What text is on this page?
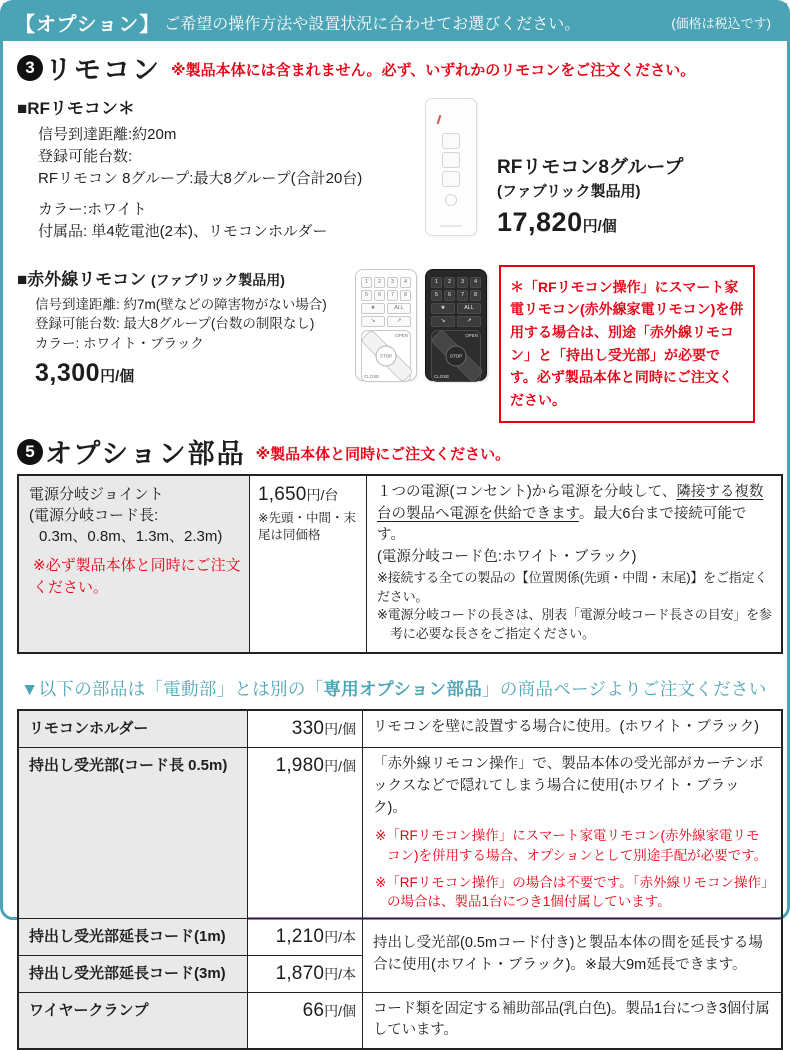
【オプション】 ご希望の操作方法や設置状況に合わせてお選びください。	(価格は税込です)
3 リモコン ※製品本体には含まれません。必ず、いずれかのリモコンをご注文ください。
■RFリモコン＊
信号到達距離:約20m
登録可能台数:
RFリモコン 8グループ:最大8グループ(合計20台)
カラー:ホワイト
付属品: 単4乾電池(2本)、リモコンホルダー
RFリモコン8グループ
(ファブリック製品用)
17,820円/個
■赤外線リモコン (ファブリック製品用)
信号到達距離: 約7m(壁などの障害物がない場合)
登録可能台数: 最大8グループ(台数の制限なし)
カラー: ホワイト・ブラック
3,300円/個
1	2	3	4
5	6	7	8
★	ALL
↘	↗
OPEN
STOP
CLOSE
1	2	3	4
5	6	7	8
★	ALL
↘	↗
OPEN
STOP
CLOSE
＊「RFリモコン操作」にスマート家電リモコン(赤外線家電リモコン)を併用する場合は、別途「赤外線リモコン」と「持出し受光部」が必要です。必ず製品本体と同時にご注文ください。
5 オプション部品 ※製品本体と同時にご注文ください。
電源分岐ジョイント
(電源分岐コード長:
0.3m、0.8m、1.3m、2.3m)
※必ず製品本体と同時にご注文ください。

1,650円/台
※先頭・中間・末尾は同価格

１つの電源(コンセント)から電源を分岐して、隣接する複数台の製品へ電源を供給できます。最大6台まで接続可能です。
(電源分岐コード色:ホワイト・ブラック)
※接続する全ての製品の【位置関係(先頭・中間・末尾)】をご指定ください。
※電源分岐コードの長さは、別表「電源分岐コード長さの目安」を参考に必要な長さをご指定ください。
▼以下の部品は「電動部」とは別の「専用オプション部品」の商品ページよりご注文ください
リモコンホルダー	330円/個	リモコンを壁に設置する場合に使用。(ホワイト・ブラック)
持出し受光部(コード長 0.5m)	1,980円/個	「赤外線リモコン操作」で、製品本体の受光部がカーテンボックスなどで隠れてしまう場合に使用(ホワイト・ブラック)。
※「RFリモコン操作」にスマート家電リモコン(赤外線家電リモコン)を併用する場合、オプションとして別途手配が必要です。
※「RFリモコン操作」の場合は不要です。「赤外線リモコン操作」の場合は、製品1台につき1個付属しています。

持出し受光部延長コード(1m)	1,210円/本	持出し受光部(0.5mコード付き)と製品本体の間を延長する場合に使用(ホワイト・ブラック)。※最大9m延長できます。
持出し受光部延長コード(3m)	1,870円/本	
ワイヤークランプ	66円/個	コード類を固定する補助部品(乳白色)。製品1台につき3個付属しています。
